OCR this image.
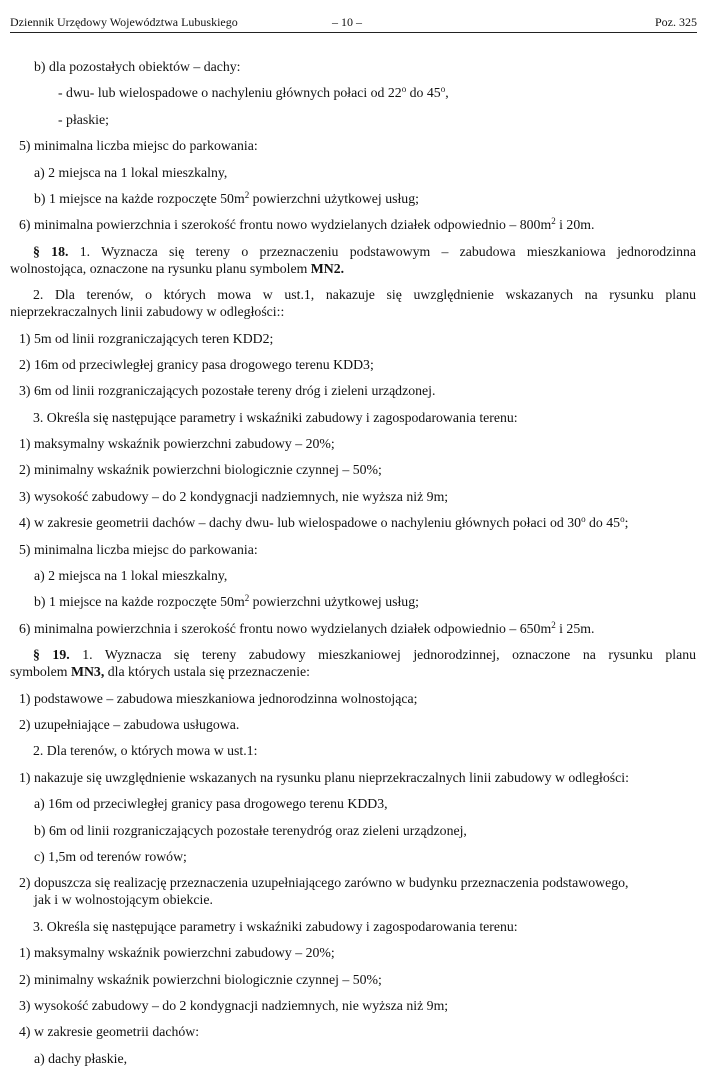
Dziennik Urzędowy Województwa Lubuskiego	– 10 –	Poz. 325
b) dla pozostałych obiektów – dachy:
- dwu- lub wielospadowe o nachyleniu głównych połaci od 22$^o$ do 45$^o$,
- płaskie;
5) minimalna liczba miejsc do parkowania:
a) 2 miejsca na 1 lokal mieszkalny,
b) 1 miejsce na każde rozpoczęte $50m^2$ powierzchni użytkowej usług;
6) minimalna powierzchnia i szerokość frontu nowo wydzielanych działek odpowiednio – $800m^2$ i 20m.
§ 18. 1. Wyznacza się tereny o przeznaczeniu podstawowym – zabudowa mieszkaniowa jednorodzinna
wolnostojąca, oznaczone na rysunku planu symbolem MN2.
2. Dla terenów, o których mowa w ust.1, nakazuje się uwzględnienie wskazanych na rysunku planu
nieprzekraczalnych linii zabudowy w odległości::
1) 5m od linii rozgraniczających teren KDD2;
2) 16m od przeciwległej granicy pasa drogowego terenu KDD3;
3) 6m od linii rozgraniczających pozostałe tereny dróg i zieleni urządzonej.
3. Określa się następujące parametry i wskaźniki zabudowy i zagospodarowania terenu:
1) maksymalny wskaźnik powierzchni zabudowy – 20%;
2) minimalny wskaźnik powierzchni biologicznie czynnej – 50%;
3) wysokość zabudowy – do 2 kondygnacji nadziemnych, nie wyższa niż 9m;
4) w zakresie geometrii dachów – dachy dwu- lub wielospadowe o nachyleniu głównych połaci od 30$^o$ do 45$^o$;
5) minimalna liczba miejsc do parkowania:
a) 2 miejsca na 1 lokal mieszkalny,
b) 1 miejsce na każde rozpoczęte $50m^2$ powierzchni użytkowej usług;
6) minimalna powierzchnia i szerokość frontu nowo wydzielanych działek odpowiednio – $650m^2$ i 25m.
§ 19. 1. Wyznacza się tereny zabudowy mieszkaniowej jednorodzinnej, oznaczone na rysunku planu
symbolem MN3, dla których ustala się przeznaczenie:
1) podstawowe – zabudowa mieszkaniowa jednorodzinna wolnostojąca;
2) uzupełniające – zabudowa usługowa.
2. Dla terenów, o których mowa w ust.1:
1) nakazuje się uwzględnienie wskazanych na rysunku planu nieprzekraczalnych linii zabudowy w odległości:
a) 16m od przeciwległej granicy pasa drogowego terenu KDD3,
b) 6m od linii rozgraniczających pozostałe terenydróg oraz zieleni urządzonej,
c) 1,5m od terenów rowów;
2) dopuszcza się realizację przeznaczenia uzupełniającego zarówno w budynku przeznaczenia podstawowego,
jak i w wolnostojącym obiekcie.
3. Określa się następujące parametry i wskaźniki zabudowy i zagospodarowania terenu:
1) maksymalny wskaźnik powierzchni zabudowy – 20%;
2) minimalny wskaźnik powierzchni biologicznie czynnej – 50%;
3) wysokość zabudowy – do 2 kondygnacji nadziemnych, nie wyższa niż 9m;
4) w zakresie geometrii dachów:
a) dachy płaskie,
